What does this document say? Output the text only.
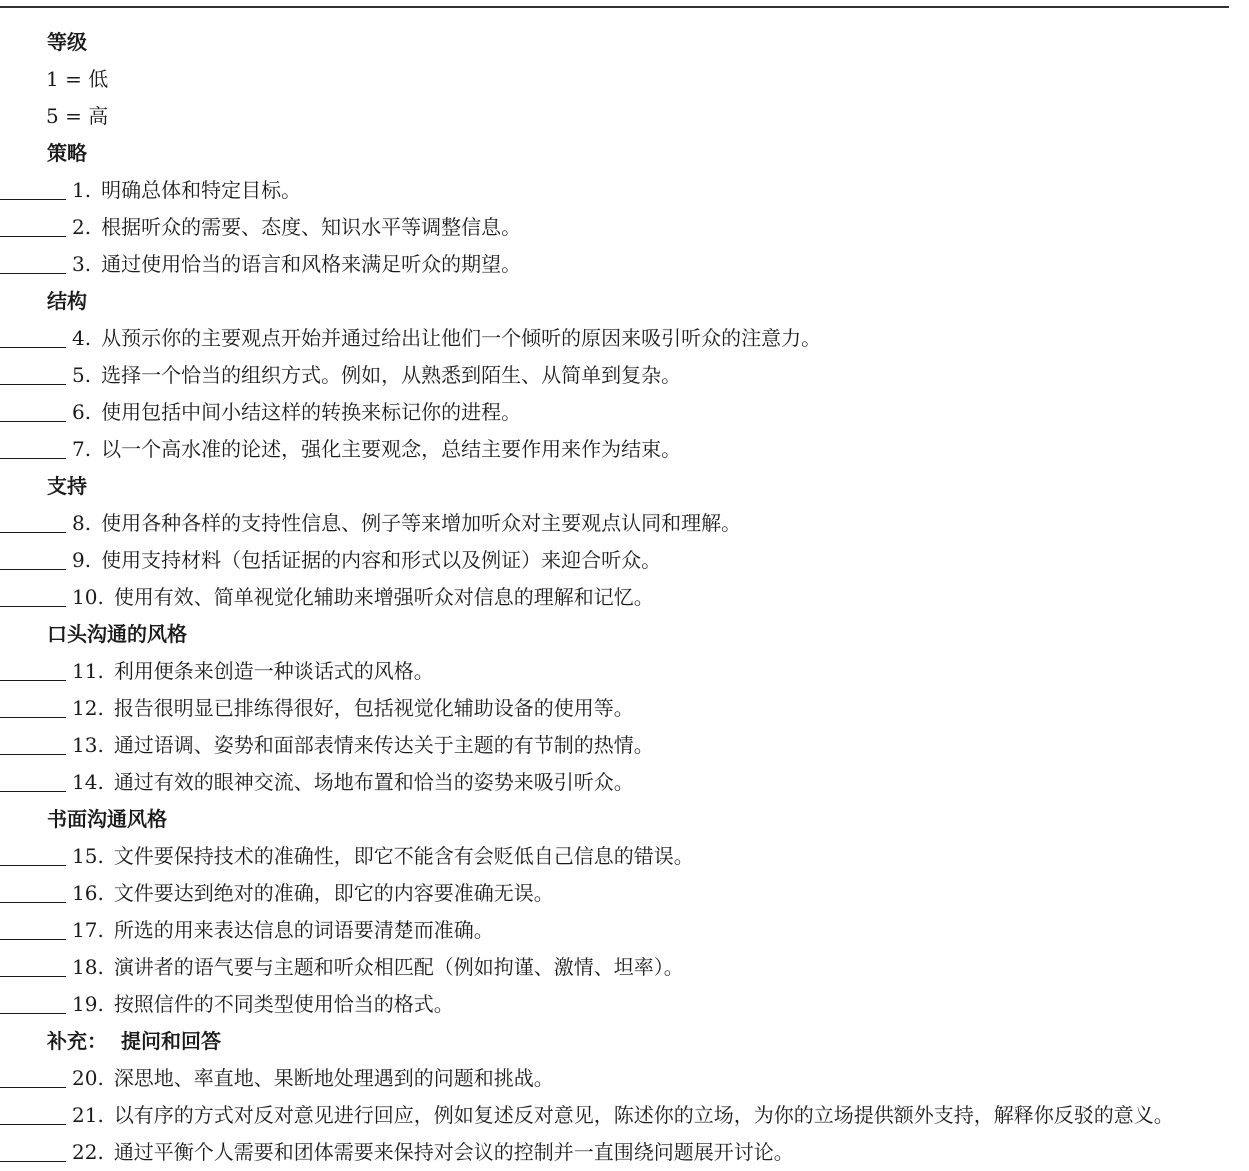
等级
1 = 低
5 = 高
策略
1. 明确总体和特定目标。
2. 根据听众的需要、态度、知识水平等调整信息。
3. 通过使用恰当的语言和风格来满足听众的期望。
结构
4. 从预示你的主要观点开始并通过给出让他们一个倾听的原因来吸引听众的注意力。
5. 选择一个恰当的组织方式。例如，从熟悉到陌生、从简单到复杂。
6. 使用包括中间小结这样的转换来标记你的进程。
7. 以一个高水准的论述，强化主要观念，总结主要作用来作为结束。
支持
8. 使用各种各样的支持性信息、例子等来增加听众对主要观点认同和理解。
9. 使用支持材料（包括证据的内容和形式以及例证）来迎合听众。
10. 使用有效、简单视觉化辅助来增强听众对信息的理解和记忆。
口头沟通的风格
11. 利用便条来创造一种谈话式的风格。
12. 报告很明显已排练得很好，包括视觉化辅助设备的使用等。
13. 通过语调、姿势和面部表情来传达关于主题的有节制的热情。
14. 通过有效的眼神交流、场地布置和恰当的姿势来吸引听众。
书面沟通风格
15. 文件要保持技术的准确性，即它不能含有会贬低自己信息的错误。
16. 文件要达到绝对的准确，即它的内容要准确无误。
17. 所选的用来表达信息的词语要清楚而准确。
18. 演讲者的语气要与主题和听众相匹配（例如拘谨、激情、坦率）。
19. 按照信件的不同类型使用恰当的格式。
补充： 提问和回答
20. 深思地、率直地、果断地处理遇到的问题和挑战。
21. 以有序的方式对反对意见进行回应，例如复述反对意见，陈述你的立场，为你的立场提供额外支持，解释你反驳的意义。
22. 通过平衡个人需要和团体需要来保持对会议的控制并一直围绕问题展开讨论。
